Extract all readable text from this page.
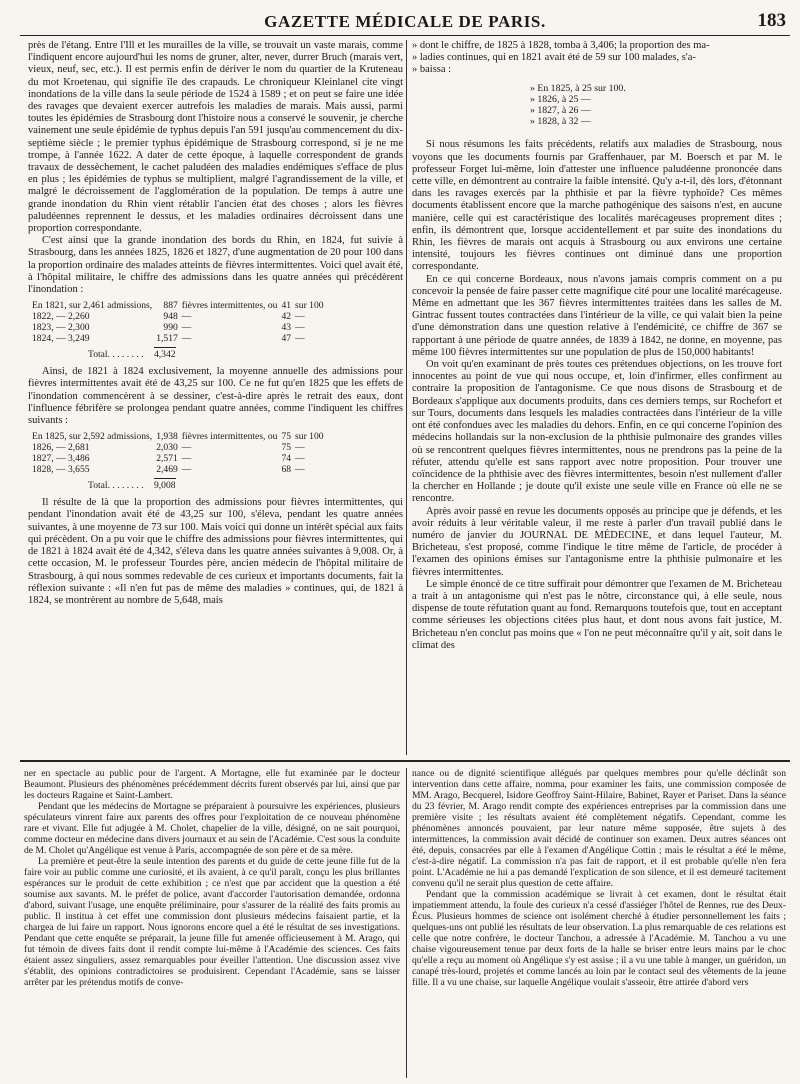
GAZETTE MÉDICALE DE PARIS.	183

près de l'étang. Entre l'Ill et les murailles de la ville, se trouvait un vaste marais, comme l'indiquent encore aujourd'hui les noms de gruner, alter, never, durrer Bruch (marais vert, vieux, neuf, sec, etc.). Il est permis enfin de dériver le nom du quartier de la Kruteneau du mot Kroetenau, qui signifie île des crapauds. Le chroniqueur Kleinlanel cite vingt inondations de la ville dans la seule période de 1524 à 1589 ; et on peut se faire une idée des ravages que devaient exercer autrefois les maladies de marais. Mais aussi, parmi toutes les épidémies de Strasbourg dont l'histoire nous a conservé le souvenir, je cherche vainement une seule épidémie de typhus depuis l'an 591 jusqu'au commencement du dix-septième siècle ; le premier typhus épidémique de Strasbourg correspond, si je ne me trompe, à l'année 1622. A dater de cette époque, à laquelle correspondent de grands travaux de dessèchement, le cachet paludéen des maladies endémiques s'efface de plus en plus ; les épidémies de typhus se multiplient, malgré l'agrandissement de la ville, et malgré le décroissement de l'agglomération de la population. De temps à autre une grande inondation du Rhin vient rétablir l'ancien état des choses ; alors les fièvres paludéennes reprennent le dessus, et les maladies ordinaires décroissent dans une proportion correspondante.

C'est ainsi que la grande inondation des bords du Rhin, en 1824, fut suivie à Strasbourg, dans les années 1825, 1826 et 1827, d'une augmentation de 20 pour 100 dans la proportion ordinaire des malades atteints de fièvres intermittentes. Voici quel avait été, à l'hôpital militaire, le chiffre des admissions dans les quatre années qui précédèrent l'inondation :

En 1821, sur 2,461 admissions,	887	fièvres intermittentes, ou	41	sur 100
1822, — 2,260	948	—	42	—
1823, — 2,300	990	—	43	—
1824, — 3,249	1,517	—	47	—
Total. . . . . . . . 4,342

Ainsi, de 1821 à 1824 exclusivement, la moyenne annuelle des admissions pour fièvres intermittentes avait été de 43,25 sur 100. Ce ne fut qu'en 1825 que les effets de l'inondation commencèrent à se dessiner, c'est-à-dire après le retrait des eaux, dont l'influence fébrifère se prolongea pendant quatre années, comme l'indiquent les chiffres suivants :

En 1825, sur 2,592 admissions,	1,938	fièvres intermittentes, ou	75	sur 100
1826, — 2,681	2,030	—	75	—
1827, — 3,486	2,571	—	74	—
1828, — 3,655	2,469	—	68	—
Total. . . . . . . . 9,008

Il résulte de là que la proportion des admissions pour fièvres intermittentes, qui pendant l'inondation avait été de 43,25 sur 100, s'éleva, pendant les quatre années suivantes, à une moyenne de 73 sur 100. Mais voici qui donne un intérêt spécial aux faits qui précèdent. On a pu voir que le chiffre des admissions pour fièvres intermittentes, qui de 1821 à 1824 avait été de 4,342, s'éleva dans les quatre années suivantes à 9,008. Or, à cette occasion, M. le professeur Tourdes père, ancien médecin de l'hôpital militaire de Strasbourg, à qui nous sommes redevable de ces curieux et importants documents, fait la réflexion suivante : «Il n'en fut pas de même des maladies » continues, qui, de 1821 à 1824, se montrèrent au nombre de 5,648, mais

» dont le chiffre, de 1825 à 1828, tomba à 3,406; la proportion des ma-
» ladies continues, qui en 1821 avait été de 59 sur 100 malades, s'a-
» baissa :
» En 1825, à 25 sur 100.
» 1826, à 25 —
» 1827, à 26 —
» 1828, à 32 —

Si nous résumons les faits précédents, relatifs aux maladies de Strasbourg, nous voyons que les documents fournis par Graffenhauer, par M. Boersch et par M. le professeur Forget lui-même, loin d'attester une influence paludéenne prononcée dans cette ville, en démontrent au contraire la faible intensité. Qu'y a-t-il, dès lors, d'étonnant dans les ravages exercés par la phthisie et par la fièvre typhoïde? Ces mêmes documents établissent encore que la marche pathogénique des saisons n'est, en aucune manière, celle qui est caractéristique des localités marécageuses proprement dites ; enfin, ils démontrent que, lorsque accidentellement et par suite des inondations du Rhin, les fièvres de marais ont acquis à Strasbourg ou aux environs une certaine intensité, toujours les fièvres continues ont diminué dans une proportion correspondante.

En ce qui concerne Bordeaux, nous n'avons jamais compris comment on a pu concevoir la pensée de faire passer cette magnifique cité pour une localité marécageuse. Même en admettant que les 367 fièvres intermittentes traitées dans les salles de M. Gintrac fussent toutes contractées dans l'intérieur de la ville, ce qui valait bien la peine d'une démonstration dans une question relative à l'endémicité, ce chiffre de 367 se rapportant à une période de quatre années, de 1839 à 1842, ne donne, en moyenne, pas même 100 fièvres intermittentes sur une population de plus de 150,000 habitants!

On voit qu'en examinant de près toutes ces prétendues objections, on les trouve fort innocentes au point de vue qui nous occupe, et, loin d'infirmer, elles confirment au contraire la proposition de l'antagonisme. Ce que nous disons de Strasbourg et de Bordeaux s'applique aux documents produits, dans ces derniers temps, sur Rochefort et sur Tours, documents dans lesquels les maladies contractées dans l'intérieur de la ville ont été confondues avec les maladies du dehors. Enfin, en ce qui concerne l'opinion des médecins hollandais sur la non-exclusion de la phthisie pulmonaire des grandes villes où se rencontrent quelques fièvres intermittentes, nous ne prendrons pas la peine de la réfuter, attendu qu'elle est sans rapport avec notre proposition. Pour trouver une coïncidence de la phthisie avec des fièvres intermittentes, besoin n'est nullement d'aller la chercher en Hollande ; je doute qu'il existe une seule ville en France où elle ne se rencontre.

Après avoir passé en revue les documents opposés au principe que je défends, et les avoir réduits à leur véritable valeur, il me reste à parler d'un travail publié dans le numéro de janvier du JOURNAL DE MÉDECINE, et dans lequel l'auteur, M. Bricheteau, s'est proposé, comme l'indique le titre même de l'article, de procéder à l'examen des opinions émises sur l'antagonisme entre la phthisie pulmonaire et les fièvres intermittentes.

Le simple énoncé de ce titre suffirait pour démontrer que l'examen de M. Bricheteau a trait à un antagonisme qui n'est pas le nôtre, circonstance qui, à elle seule, nous dispense de toute réfutation quant au fond. Remarquons toutefois que, tout en acceptant comme sérieuses les objections citées plus haut, et dont nous avons fait justice, M. Bricheteau n'en conclut pas moins que « l'on ne peut méconnaître qu'il y ait, soit dans le climat des

ner en spectacle au public pour de l'argent. A Mortagne, elle fut examinée par le docteur Beaumont. Plusieurs des phénomènes précédemment décrits furent observés par lui, ainsi que par les docteurs Ragaine et Saint-Lambert.

Pendant que les médecins de Mortagne se préparaient à poursuivre les expériences, plusieurs spéculateurs vinrent faire aux parents des offres pour l'exploitation de ce nouveau phénomène rare et vivant. Elle fut adjugée à M. Cholet, chapelier de la ville, désigné, on ne sait pourquoi, comme docteur en médecine dans divers journaux et au sein de l'Académie. C'est sous la conduite de M. Cholet qu'Angélique est venue à Paris, accompagnée de son père et de sa mère.

La première et peut-être la seule intention des parents et du guide de cette jeune fille fut de la faire voir au public comme une curiosité, et ils avaient, à ce qu'il paraît, conçu les plus brillantes espérances sur le produit de cette exhibition ; ce n'est que par accident que la question a été soumise aux savants. M. le préfet de police, avant d'accorder l'autorisation demandée, ordonna d'abord, suivant l'usage, une enquête préliminaire, pour s'assurer de la réalité des faits promis au public. Il institua à cet effet une commission dont plusieurs médecins faisaient partie, et la chargea de lui faire un rapport. Nous ignorons encore quel a été le résultat de ses investigations. Pendant que cette enquête se préparait, la jeune fille fut amenée officieusement à M. Arago, qui fut témoin de divers faits dont il rendit compte lui-même à l'Académie des sciences. Ces faits étaient assez singuliers, assez remarquables pour éveiller l'attention. Une discussion assez vive s'établit, des opinions contradictoires se produisirent. Cependant l'Académie, sans se laisser arrêter par les prétendus motifs de conve-

nance ou de dignité scientifique allégués par quelques membres pour qu'elle déclinât son intervention dans cette affaire, nomma, pour examiner les faits, une commission composée de MM. Arago, Becquerel, Isidore Geoffroy Saint-Hilaire, Babinet, Rayer et Pariset. Dans la séance du 23 février, M. Arago rendit compte des expériences entreprises par la commission dans une première visite ; les résultats avaient été complètement négatifs. Cependant, comme les phénomènes annoncés pouvaient, par leur nature même supposée, être sujets à des intermittences, la commission avait décidé de continuer son examen. Deux autres séances ont été, depuis, consacrées par elle à l'examen d'Angélique Cottin ; mais le résultat a été le même, c'est-à-dire négatif. La commission n'a pas fait de rapport, et il est probable qu'elle n'en fera point. L'Académie ne lui a pas demandé l'explication de son silence, et il est demeuré tacitement convenu qu'il ne serait plus question de cette affaire.

Pendant que la commission académique se livrait à cet examen, dont le résultat était impatiemment attendu, la foule des curieux n'a cessé d'assiéger l'hôtel de Rennes, rue des Deux-Écus. Plusieurs hommes de science ont isolément cherché à étudier personnellement les faits ; quelques-uns ont publié les résultats de leur observation. La plus remarquable de ces relations est celle que notre confrère, le docteur Tanchou, a adressée à l'Académie. M. Tanchou a vu une chaise vigoureusement tenue par deux forts de la halle se briser entre leurs mains par le choc qu'elle a reçu au moment où Angélique s'y est assise ; il a vu une table à manger, un guéridon, un canapé très-lourd, projetés et comme lancés au loin par le contact seul des vêtements de la jeune fille. Il a vu une chaise, sur laquelle Angélique voulait s'asseoir, être attirée d'abord vers
